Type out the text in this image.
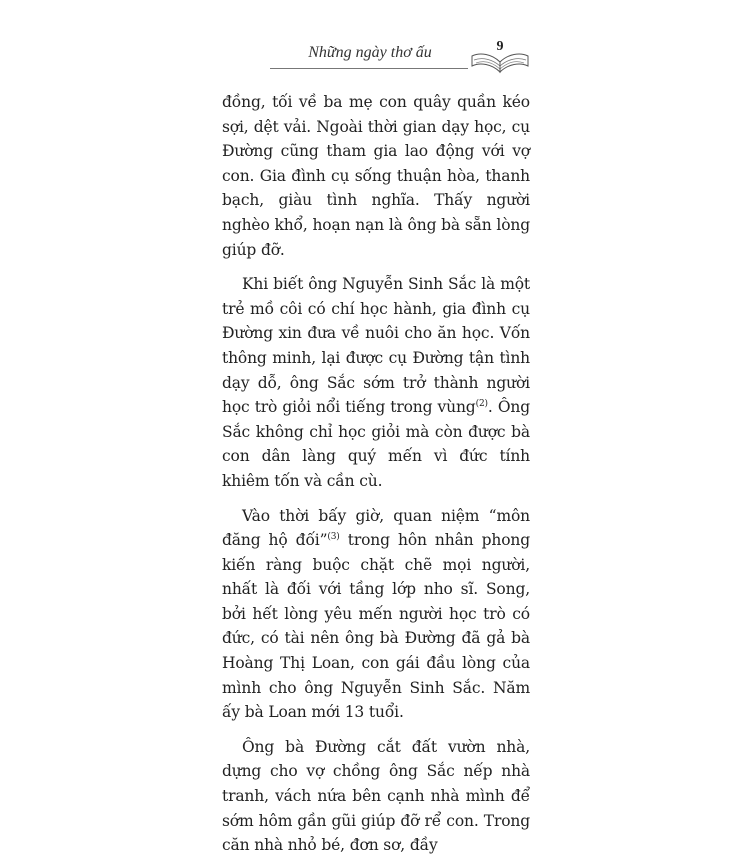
Những ngày thơ ấu	9

đồng, tối về ba mẹ con quây quần kéo sợi, dệt vải. Ngoài thời gian dạy học, cụ Đường cũng tham gia lao động với vợ con. Gia đình cụ sống thuận hòa, thanh bạch, giàu tình nghĩa. Thấy người nghèo khổ, hoạn nạn là ông bà sẵn lòng giúp đỡ.

Khi biết ông Nguyễn Sinh Sắc là một trẻ mồ côi có chí học hành, gia đình cụ Đường xin đưa về nuôi cho ăn học. Vốn thông minh, lại được cụ Đường tận tình dạy dỗ, ông Sắc sớm trở thành người học trò giỏi nổi tiếng trong vùng$^{(2)}$. Ông Sắc không chỉ học giỏi mà còn được bà con dân làng quý mến vì đức tính khiêm tốn và cần cù.

Vào thời bấy giờ, quan niệm “môn đăng hộ đối”$^{(3)}$ trong hôn nhân phong kiến ràng buộc chặt chẽ mọi người, nhất là đối với tầng lớp nho sĩ. Song, bởi hết lòng yêu mến người học trò có đức, có tài nên ông bà Đường đã gả bà Hoàng Thị Loan, con gái đầu lòng của mình cho ông Nguyễn Sinh Sắc. Năm ấy bà Loan mới 13 tuổi.

Ông bà Đường cắt đất vườn nhà, dựng cho vợ chồng ông Sắc nếp nhà tranh, vách nứa bên cạnh nhà mình để sớm hôm gần gũi giúp đỡ rể con. Trong căn nhà nhỏ bé, đơn sơ, đầy
